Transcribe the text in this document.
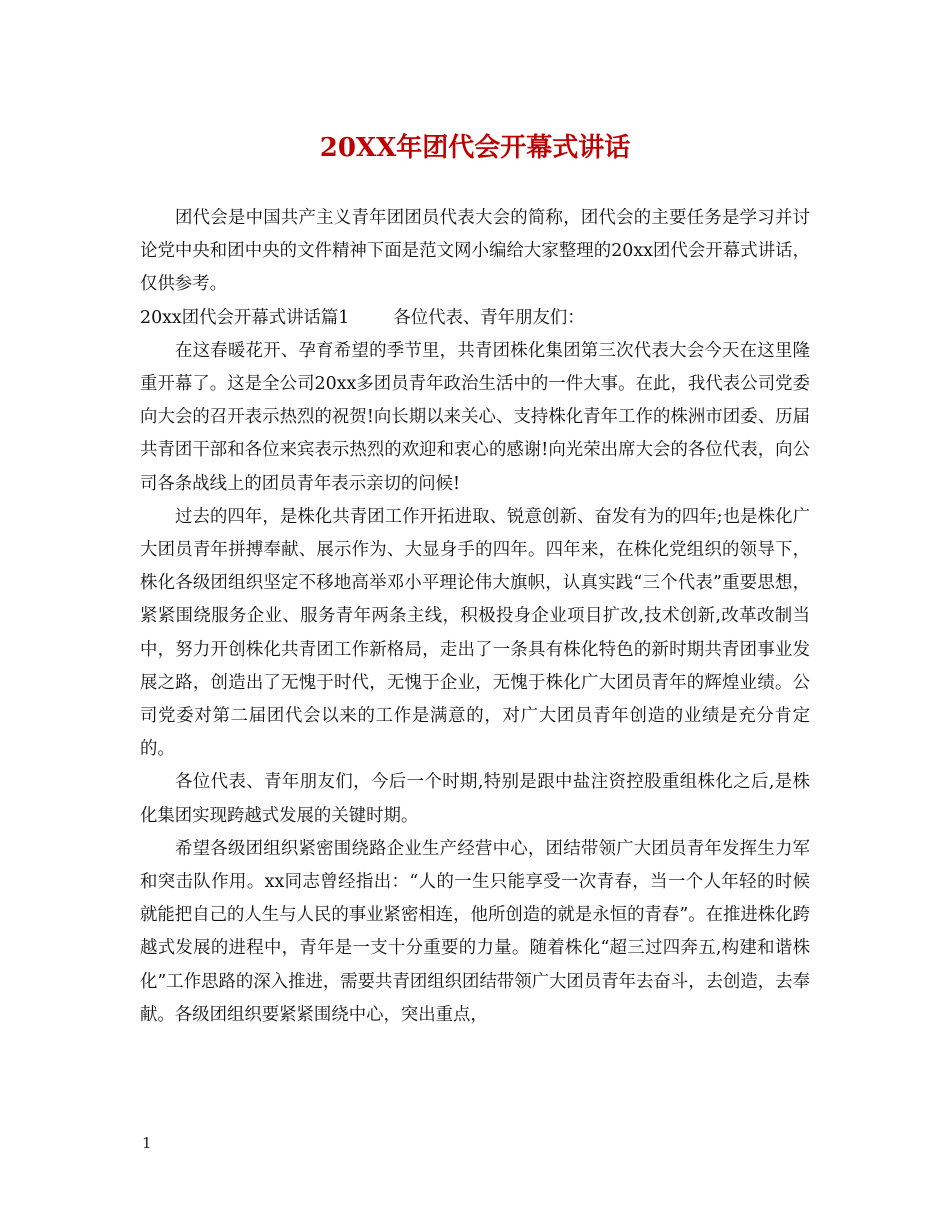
20XX年团代会开幕式讲话

团代会是中国共产主义青年团团员代表大会的简称，团代会的主要任务是学习并讨论党中央和团中央的文件精神下面是范文网小编给大家整理的20xx团代会开幕式讲话，仅供参考。

20xx团代会开幕式讲话篇1	各位代表、青年朋友们：

在这春暖花开、孕育希望的季节里，共青团株化集团第三次代表大会今天在这里隆重开幕了。这是全公司20xx多团员青年政治生活中的一件大事。在此，我代表公司党委向大会的召开表示热烈的祝贺!向长期以来关心、支持株化青年工作的株洲市团委、历届共青团干部和各位来宾表示热烈的欢迎和衷心的感谢!向光荣出席大会的各位代表，向公司各条战线上的团员青年表示亲切的问候!

过去的四年，是株化共青团工作开拓进取、锐意创新、奋发有为的四年;也是株化广大团员青年拼搏奉献、展示作为、大显身手的四年。四年来，在株化党组织的领导下，株化各级团组织坚定不移地高举邓小平理论伟大旗帜，认真实践“三个代表”重要思想，紧紧围绕服务企业、服务青年两条主线，积极投身企业项目扩改,技术创新,改革改制当中，努力开创株化共青团工作新格局，走出了一条具有株化特色的新时期共青团事业发展之路，创造出了无愧于时代，无愧于企业，无愧于株化广大团员青年的辉煌业绩。公司党委对第二届团代会以来的工作是满意的，对广大团员青年创造的业绩是充分肯定的。

各位代表、青年朋友们，今后一个时期,特别是跟中盐注资控股重组株化之后,是株化集团实现跨越式发展的关键时期。

希望各级团组织紧密围绕路企业生产经营中心，团结带领广大团员青年发挥生力军和突击队作用。xx同志曾经指出：“人的一生只能享受一次青春，当一个人年轻的时候就能把自己的人生与人民的事业紧密相连，他所创造的就是永恒的青春”。在推进株化跨越式发展的进程中，青年是一支十分重要的力量。随着株化“超三过四奔五,构建和谐株化”工作思路的深入推进，需要共青团组织团结带领广大团员青年去奋斗，去创造，去奉献。各级团组织要紧紧围绕中心，突出重点，

1
